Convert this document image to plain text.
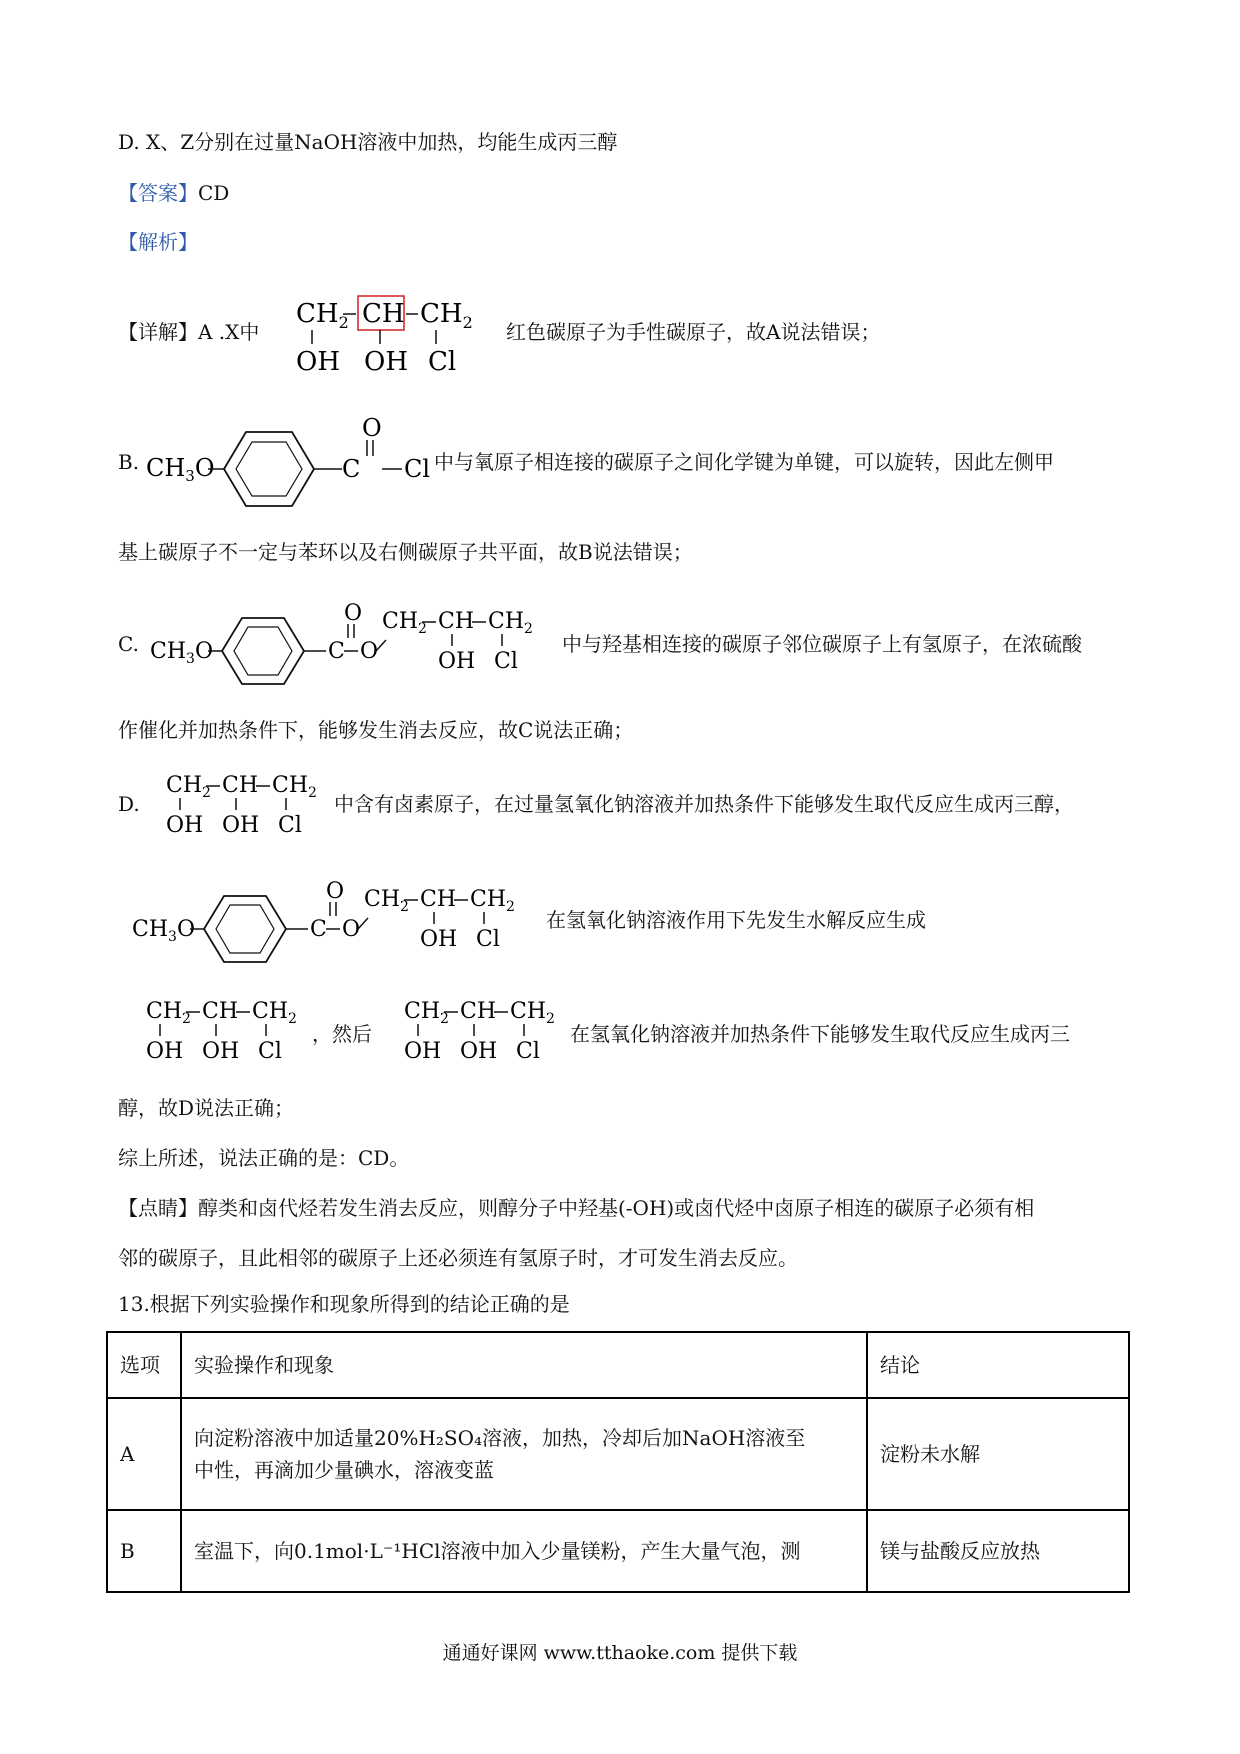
D. X、Z分别在过量NaOH溶液中加热，均能生成丙三醇
【答案】CD
【解析】
【详解】A .X中
$CH_2$ CH $CH_2$
OH OH Cl
红色碳原子为手性碳原子，故A说法错误；
B. $CH_3O$
O
C Cl 中与氧原子相连接的碳原子之间化学键为单键，可以旋转，因此左侧甲
基上碳原子不一定与苯环以及右侧碳原子共平面，故B说法错误；
C. $CH_3O$
O
C O
$CH_2$ CH $CH_2$
OH Cl
中与羟基相连接的碳原子邻位碳原子上有氢原子，在浓硫酸
作催化并加热条件下，能够发生消去反应，故C说法正确；
D.
$CH_2$ CH $CH_2$
OH OH Cl
中含有卤素原子，在过量氢氧化钠溶液并加热条件下能够发生取代反应生成丙三醇，
$CH_3O$
O
C O
$CH_2$ CH $CH_2$
OH Cl
在氢氧化钠溶液作用下先发生水解反应生成
$CH_2$ CH $CH_2$
OH OH Cl
，然后
$CH_2$ CH $CH_2$
OH OH Cl
在氢氧化钠溶液并加热条件下能够发生取代反应生成丙三
醇，故D说法正确；
综上所述，说法正确的是：CD。
【点睛】醇类和卤代烃若发生消去反应，则醇分子中羟基(-OH)或卤代烃中卤原子相连的碳原子必须有相
邻的碳原子，且此相邻的碳原子上还必须连有氢原子时，才可发生消去反应。
13.根据下列实验操作和现象所得到的结论正确的是
选项	实验操作和现象	结论
A	向淀粉溶液中加适量20%H₂SO₄溶液，加热，冷却后加NaOH溶液至
中性，再滴加少量碘水，溶液变蓝	淀粉未水解
B	室温下，向0.1mol·L⁻¹HCl溶液中加入少量镁粉，产生大量气泡，测	镁与盐酸反应放热
通通好课网 www.tthaoke.com 提供下载
